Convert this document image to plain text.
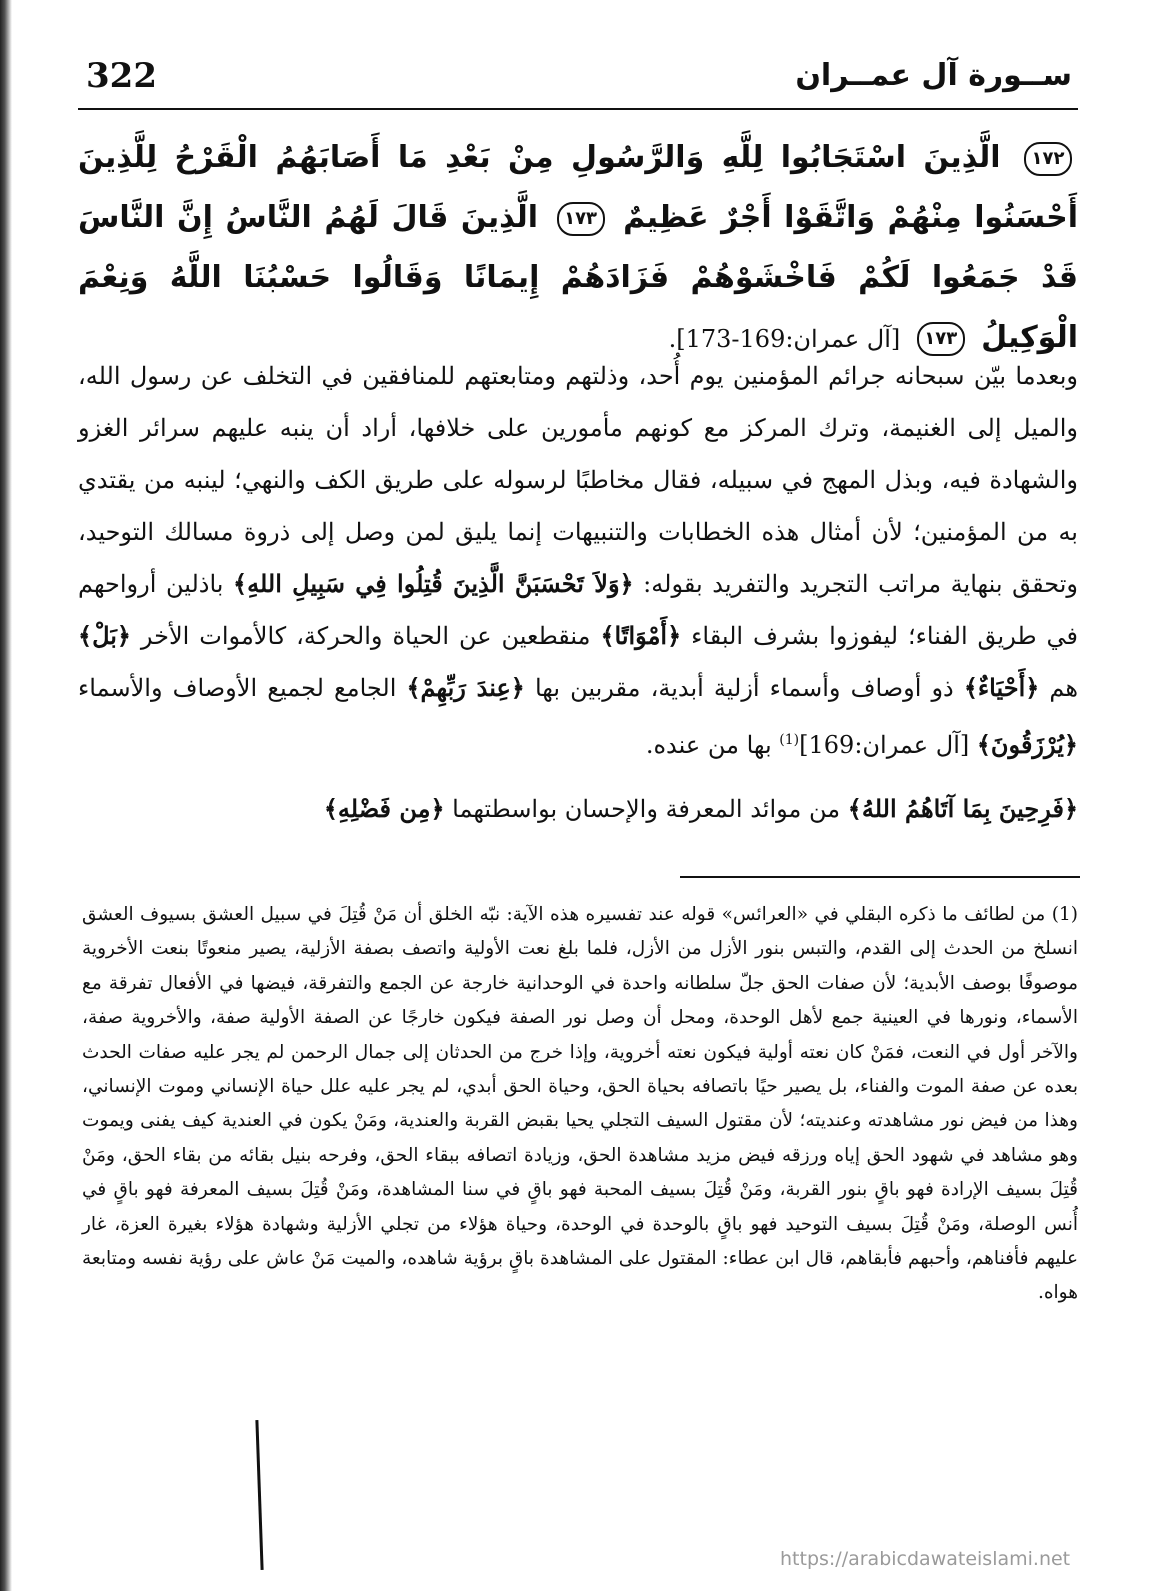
322	ســورة آل عمــران
١٧٢ الَّذِينَ اسْتَجَابُوا لِلَّهِ وَالرَّسُولِ مِنْ بَعْدِ مَا أَصَابَهُمُ الْقَرْحُ لِلَّذِينَ أَحْسَنُوا مِنْهُمْ وَاتَّقَوْا أَجْرٌ عَظِيمٌ ١٧٣ الَّذِينَ قَالَ لَهُمُ النَّاسُ إِنَّ النَّاسَ قَدْ جَمَعُوا لَكُمْ فَاخْشَوْهُمْ فَزَادَهُمْ إِيمَانًا وَقَالُوا حَسْبُنَا اللَّهُ وَنِعْمَ الْوَكِيلُ ١٧٣ [آل عمران:169-173].

وبعدما بيّن سبحانه جرائم المؤمنين يوم أُحد، وذلتهم ومتابعتهم للمنافقين في التخلف عن رسول الله، والميل إلى الغنيمة، وترك المركز مع كونهم مأمورين على خلافها، أراد أن ينبه عليهم سرائر الغزو والشهادة فيه، وبذل المهج في سبيله، فقال مخاطبًا لرسوله على طريق الكف والنهي؛ لينبه من يقتدي به من المؤمنين؛ لأن أمثال هذه الخطابات والتنبيهات إنما يليق لمن وصل إلى ذروة مسالك التوحيد، وتحقق بنهاية مراتب التجريد والتفريد بقوله: ﴿وَلاَ تَحْسَبَنَّ الَّذِينَ قُتِلُوا فِي سَبِيلِ اللهِ﴾ باذلين أرواحهم في طريق الفناء؛ ليفوزوا بشرف البقاء ﴿أَمْوَاتًا﴾ منقطعين عن الحياة والحركة، كالأموات الأخر ﴿بَلْ﴾ هم ﴿أَحْيَاءٌ﴾ ذو أوصاف وأسماء أزلية أبدية، مقربين بها ﴿عِندَ رَبِّهِمْ﴾ الجامع لجميع الأوصاف والأسماء ﴿يُرْزَقُونَ﴾ [آل عمران:169]$^{(1)}$ بها من عنده.

﴿فَرِحِينَ بِمَا آتَاهُمُ اللهُ﴾ من موائد المعرفة والإحسان بواسطتهما ﴿مِن فَضْلِهِ﴾

(1) من لطائف ما ذكره البقلي في «العرائس» قوله عند تفسيره هذه الآية: نبّه الخلق أن مَنْ قُتِلَ في سبيل العشق بسيوف العشق انسلخ من الحدث إلى القدم، والتبس بنور الأزل من الأزل، فلما بلغ نعت الأولية واتصف بصفة الأزلية، يصير منعوتًا بنعت الأخروية موصوفًا بوصف الأبدية؛ لأن صفات الحق جلّ سلطانه واحدة في الوحدانية خارجة عن الجمع والتفرقة، فيضها في الأفعال تفرقة مع الأسماء، ونورها في العينية جمع لأهل الوحدة، ومحل أن وصل نور الصفة فيكون خارجًا عن الصفة الأولية صفة، والأخروية صفة، والآخر أول في النعت، فمَنْ كان نعته أولية فيكون نعته أخروية، وإذا خرج من الحدثان إلى جمال الرحمن لم يجر عليه صفات الحدث بعده عن صفة الموت والفناء، بل يصير حيًا باتصافه بحياة الحق، وحياة الحق أبدي، لم يجر عليه علل حياة الإنساني وموت الإنساني، وهذا من فيض نور مشاهدته وعنديته؛ لأن مقتول السيف التجلي يحيا بقبض القربة والعندية، ومَنْ يكون في العندية كيف يفنى ويموت وهو مشاهد في شهود الحق إياه ورزقه فيض مزيد مشاهدة الحق، وزيادة اتصافه ببقاء الحق، وفرحه بنيل بقائه من بقاء الحق، ومَنْ قُتِلَ بسيف الإرادة فهو باقٍ بنور القربة، ومَنْ قُتِلَ بسيف المحبة فهو باقٍ في سنا المشاهدة، ومَنْ قُتِلَ بسيف المعرفة فهو باقٍ في أُنس الوصلة، ومَنْ قُتِلَ بسيف التوحيد فهو باقٍ بالوحدة في الوحدة، وحياة هؤلاء من تجلي الأزلية وشهادة هؤلاء بغيرة العزة، غار عليهم فأفناهم، وأحبهم فأبقاهم، قال ابن عطاء: المقتول على المشاهدة باقٍ برؤية شاهده، والميت مَنْ عاش على رؤية نفسه ومتابعة هواه.
https://arabicdawateislami.net
